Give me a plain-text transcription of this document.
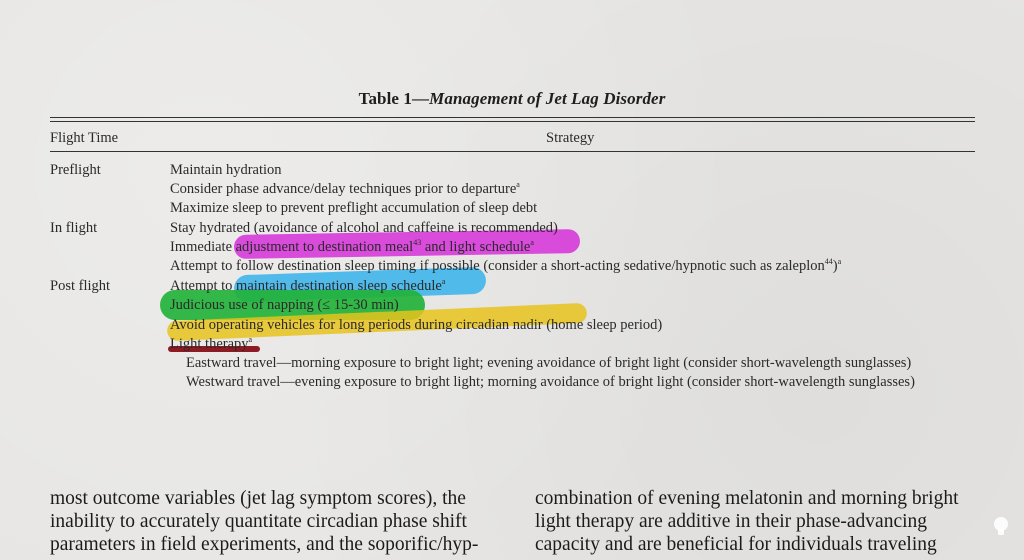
Table 1—Management of Jet Lag Disorder
Flight Time	Strategy
Preflight
In flight
Post flight
Maintain hydration
Consider phase advance/delay techniques prior to departure$^a$
Maximize sleep to prevent preflight accumulation of sleep debt
Stay hydrated (avoidance of alcohol and caffeine is recommended)
Immediate adjustment to destination meal$^{43}$ and light schedule$^a$
Attempt to follow destination sleep timing if possible (consider a short-acting sedative/hypnotic such as zaleplon$^{44}$)$^a$
Attempt to maintain destination sleep schedule$^a$
Judicious use of napping (≤ 15-30 min)
Avoid operating vehicles for long periods during circadian nadir (home sleep period)
Light therapy$^a$
Eastward travel—morning exposure to bright light; evening avoidance of bright light (consider short-wavelength sunglasses)
Westward travel—evening exposure to bright light; morning avoidance of bright light (consider short-wavelength sunglasses)
most outcome variables (jet lag symptom scores), the
inability to accurately quantitate circadian phase shift
parameters in field experiments, and the soporific/hyp-
combination of evening melatonin and morning bright
light therapy are additive in their phase-advancing
capacity and are beneficial for individuals traveling
